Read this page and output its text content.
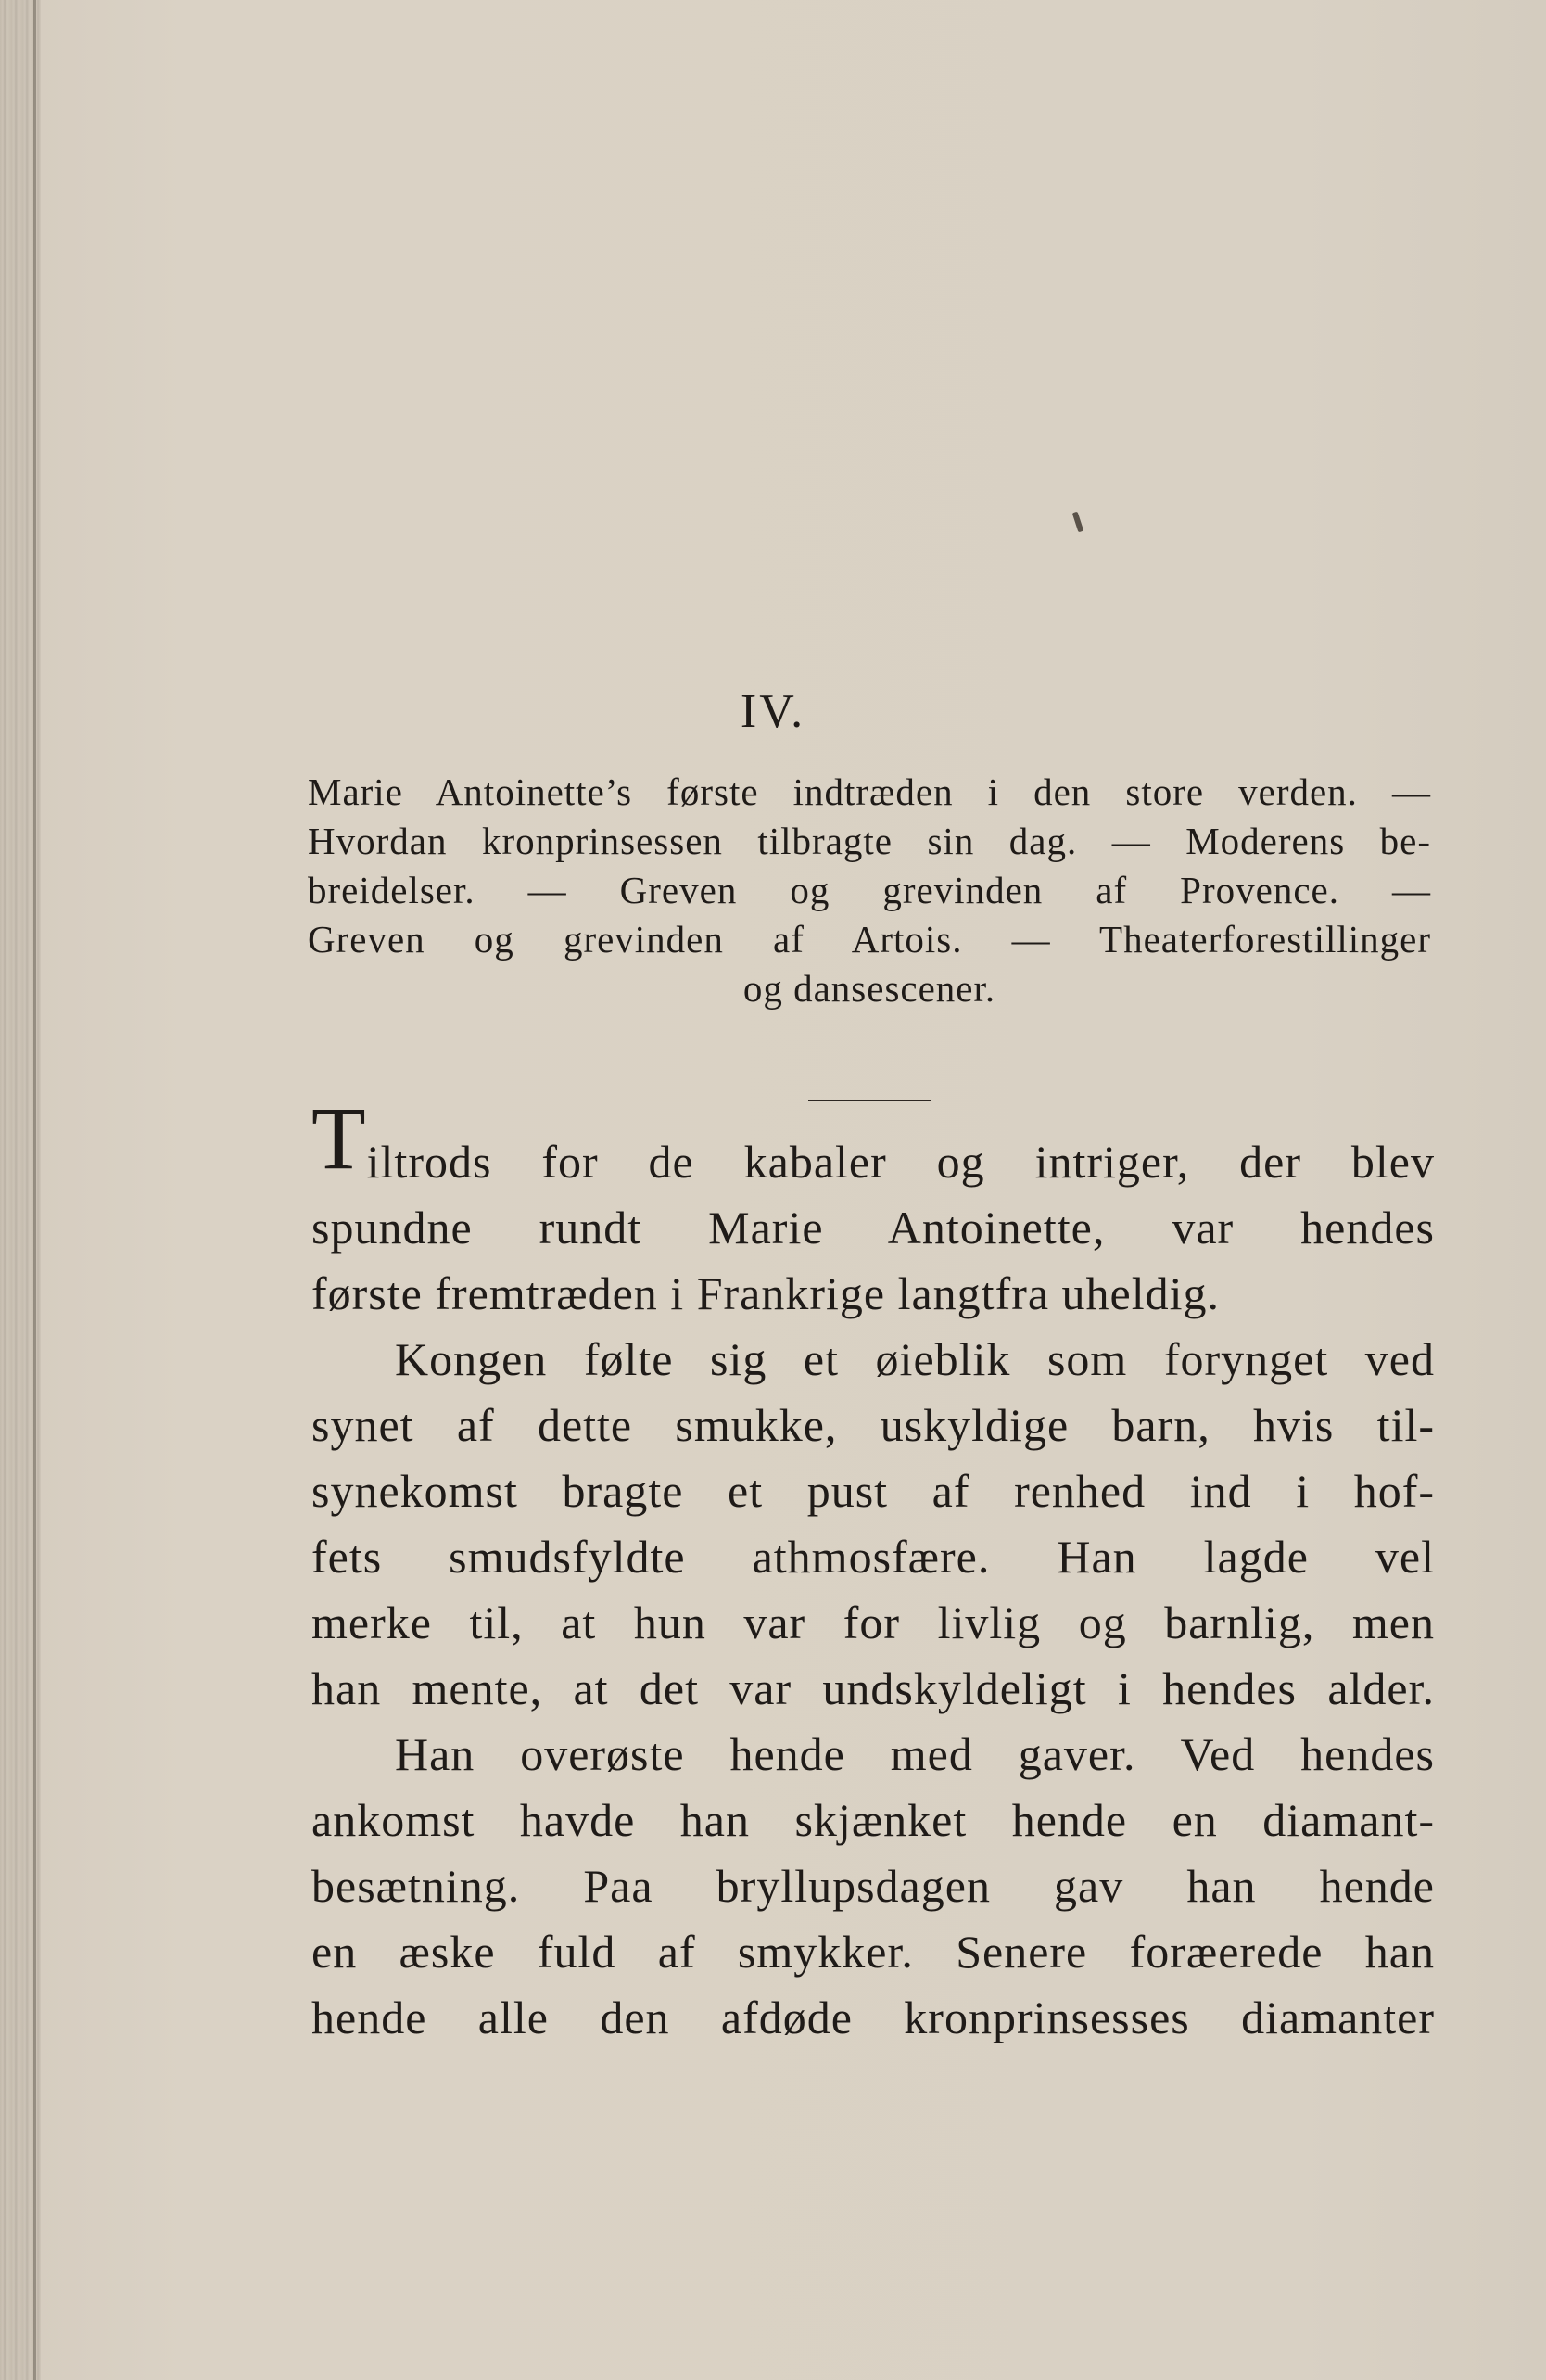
IV.
Marie Antoinette’s første indtræden i den store verden. —
Hvordan kronprinsessen tilbragte sin dag. — Moderens be-
breidelser. — Greven og grevinden af Provence. —
Greven og grevinden af Artois. — Theaterforestillinger
og dansescener.
Tiltrods for de kabaler og intriger, der blev
spundne rundt Marie Antoinette, var hendes
første fremtræden i Frankrige langtfra uheldig.
Kongen følte sig et øieblik som forynget ved
synet af dette smukke, uskyldige barn, hvis til-
synekomst bragte et pust af renhed ind i hof-
fets smudsfyldte athmosfære. Han lagde vel
merke til, at hun var for livlig og barnlig, men
han mente, at det var undskyldeligt i hendes alder.
Han overøste hende med gaver. Ved hendes
ankomst havde han skjænket hende en diamant-
besætning. Paa bryllupsdagen gav han hende
en æske fuld af smykker. Senere foræerede han
hende alle den afdøde kronprinsesses diamanter
